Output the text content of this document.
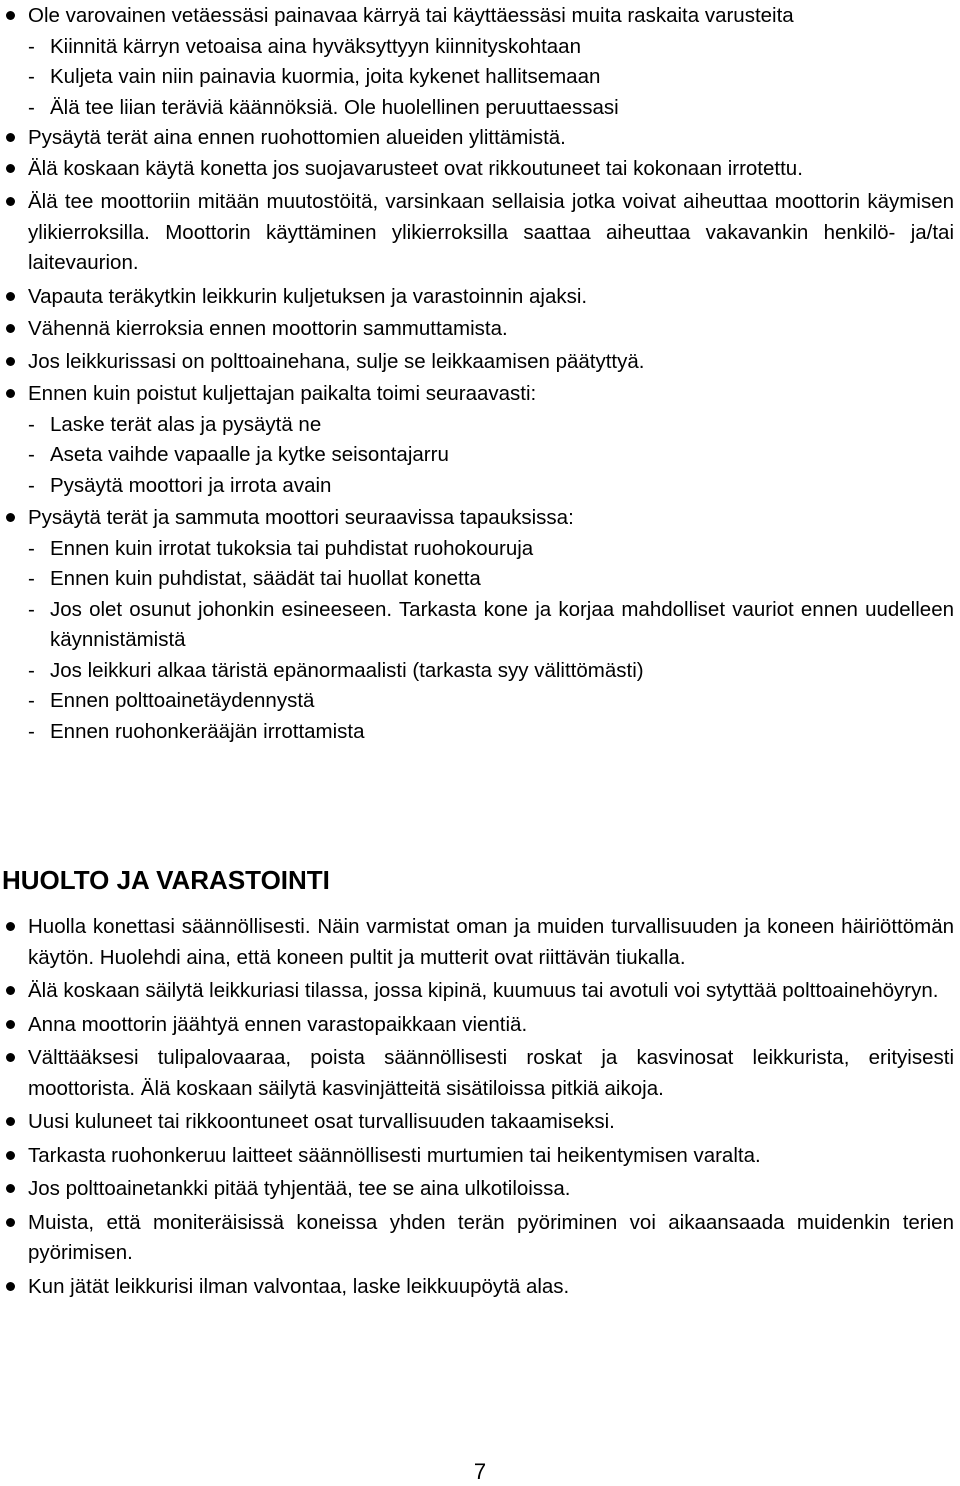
Ole varovainen vetäessäsi painavaa kärryä tai käyttäessäsi muita raskaita varusteita
- Kiinnitä kärryn vetoaisa aina hyväksyttyyn kiinnityskohtaan
- Kuljeta vain niin painavia kuormia, joita kykenet hallitsemaan
- Älä tee liian teräviä käännöksiä. Ole huolellinen peruuttaessasi
Pysäytä terät aina ennen ruohottomien alueiden ylittämistä.
Älä koskaan käytä konetta jos suojavarusteet ovat rikkoutuneet tai kokonaan irrotettu.
Älä tee moottoriin mitään muutostöitä, varsinkaan sellaisia jotka voivat aiheuttaa moottorin käymisen ylikierroksilla. Moottorin käyttäminen ylikierroksilla saattaa aiheuttaa vakavankin henkilö- ja/tai laitevaurion.
Vapauta teräkytkin leikkurin kuljetuksen ja varastoinnin ajaksi.
Vähennä kierroksia ennen moottorin sammuttamista.
Jos leikkurissasi on polttoainehana, sulje se leikkaamisen päätyttyä.
Ennen kuin poistut kuljettajan paikalta toimi seuraavasti:
- Laske terät alas ja pysäytä ne
- Aseta vaihde vapaalle ja kytke seisontajarru
- Pysäytä moottori ja irrota avain
Pysäytä terät ja sammuta moottori seuraavissa tapauksissa:
- Ennen kuin irrotat tukoksia tai puhdistat ruohokouruja
- Ennen kuin puhdistat, säädät tai huollat konetta
- Jos olet osunut johonkin esineeseen. Tarkasta kone ja korjaa mahdolliset vauriot ennen uudelleen käynnistämistä
- Jos leikkuri alkaa täristä epänormaalisti (tarkasta syy välittömästi)
- Ennen polttoainetäydennystä
- Ennen ruohonkerääjän irrottamista
HUOLTO JA VARASTOINTI
Huolla konettasi säännöllisesti. Näin varmistat oman ja muiden turvallisuuden ja koneen häiriöttömän käytön. Huolehdi aina, että koneen pultit ja mutterit ovat riittävän tiukalla.
Älä koskaan säilytä leikkuriasi tilassa, jossa kipinä, kuumuus tai avotuli voi sytyttää polttoainehöyryn.
Anna moottorin jäähtyä ennen varastopaikkaan vientiä.
Välttääksesi tulipalovaaraa, poista säännöllisesti roskat ja kasvinosat leikkurista, erityisesti moottorista. Älä koskaan säilytä kasvinjätteitä sisätiloissa pitkiä aikoja.
Uusi kuluneet tai rikkoontuneet osat turvallisuuden takaamiseksi.
Tarkasta ruohonkeruu laitteet säännöllisesti murtumien tai heikentymisen varalta.
Jos polttoainetankki pitää tyhjentää, tee se aina ulkotiloissa.
Muista, että moniteräisissä koneissa yhden terän pyöriminen voi aikaansaada muidenkin terien pyörimisen.
Kun jätät leikkurisi ilman valvontaa, laske leikkuupöytä alas.
7
